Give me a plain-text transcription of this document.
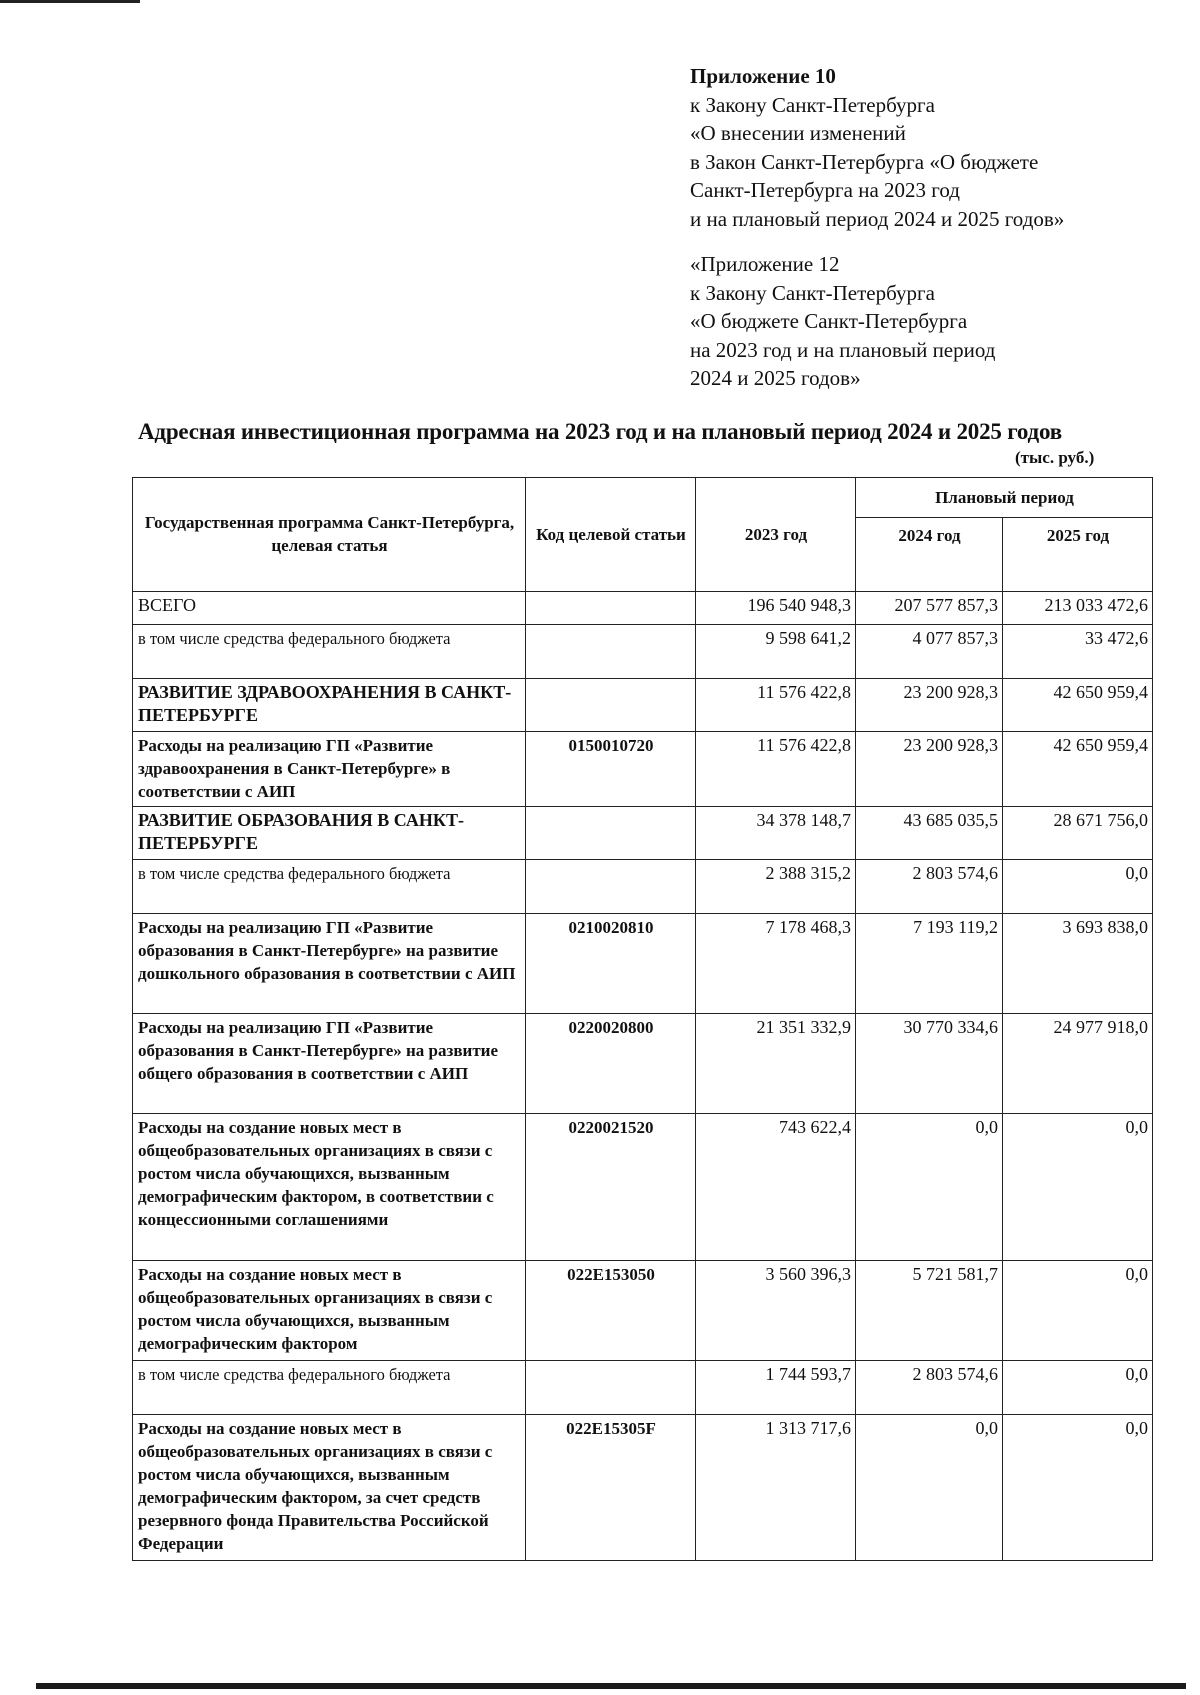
Приложение 10
к Закону Санкт-Петербурга
«О внесении изменений
в Закон Санкт-Петербурга «О бюджете
Санкт-Петербурга на 2023 год
и на плановый период 2024 и 2025 годов»
«Приложение 12
к Закону Санкт-Петербурга
«О бюджете Санкт-Петербурга
на 2023 год и на плановый период
2024 и 2025 годов»
Адресная инвестиционная программа на 2023 год и на плановый период 2024 и 2025 годов
(тыс. руб.)
Государственная программа Санкт-Петербурга, целевая статья	Код целевой статьи	2023 год	Плановый период	
			2024 год	2025 год
ВСЕГО		196 540 948,3	207 577 857,3	213 033 472,6
в том числе средства федерального бюджета		9 598 641,2	4 077 857,3	33 472,6
РАЗВИТИЕ ЗДРАВООХРАНЕНИЯ В САНКТ-ПЕТЕРБУРГЕ		11 576 422,8	23 200 928,3	42 650 959,4
Расходы на реализацию ГП «Развитие здравоохранения в Санкт-Петербурге» в соответствии с АИП	0150010720	11 576 422,8	23 200 928,3	42 650 959,4
РАЗВИТИЕ ОБРАЗОВАНИЯ В САНКТ-ПЕТЕРБУРГЕ		34 378 148,7	43 685 035,5	28 671 756,0
в том числе средства федерального бюджета		2 388 315,2	2 803 574,6	0,0
Расходы на реализацию ГП «Развитие образования в Санкт-Петербурге» на развитие дошкольного образования в соответствии с АИП	0210020810	7 178 468,3	7 193 119,2	3 693 838,0
Расходы на реализацию ГП «Развитие образования в Санкт-Петербурге» на развитие общего образования в соответствии с АИП	0220020800	21 351 332,9	30 770 334,6	24 977 918,0
Расходы на создание новых мест в общеобразовательных организациях в связи с ростом числа обучающихся, вызванным демографическим фактором, в соответствии с концессионными соглашениями	0220021520	743 622,4	0,0	0,0
Расходы на создание новых мест в общеобразовательных организациях в связи с ростом числа обучающихся, вызванным демографическим фактором	022E153050	3 560 396,3	5 721 581,7	0,0
в том числе средства федерального бюджета		1 744 593,7	2 803 574,6	0,0
Расходы на создание новых мест в общеобразовательных организациях в связи с ростом числа обучающихся, вызванным демографическим фактором, за счет средств резервного фонда Правительства Российской Федерации	022E15305F	1 313 717,6	0,0	0,0
